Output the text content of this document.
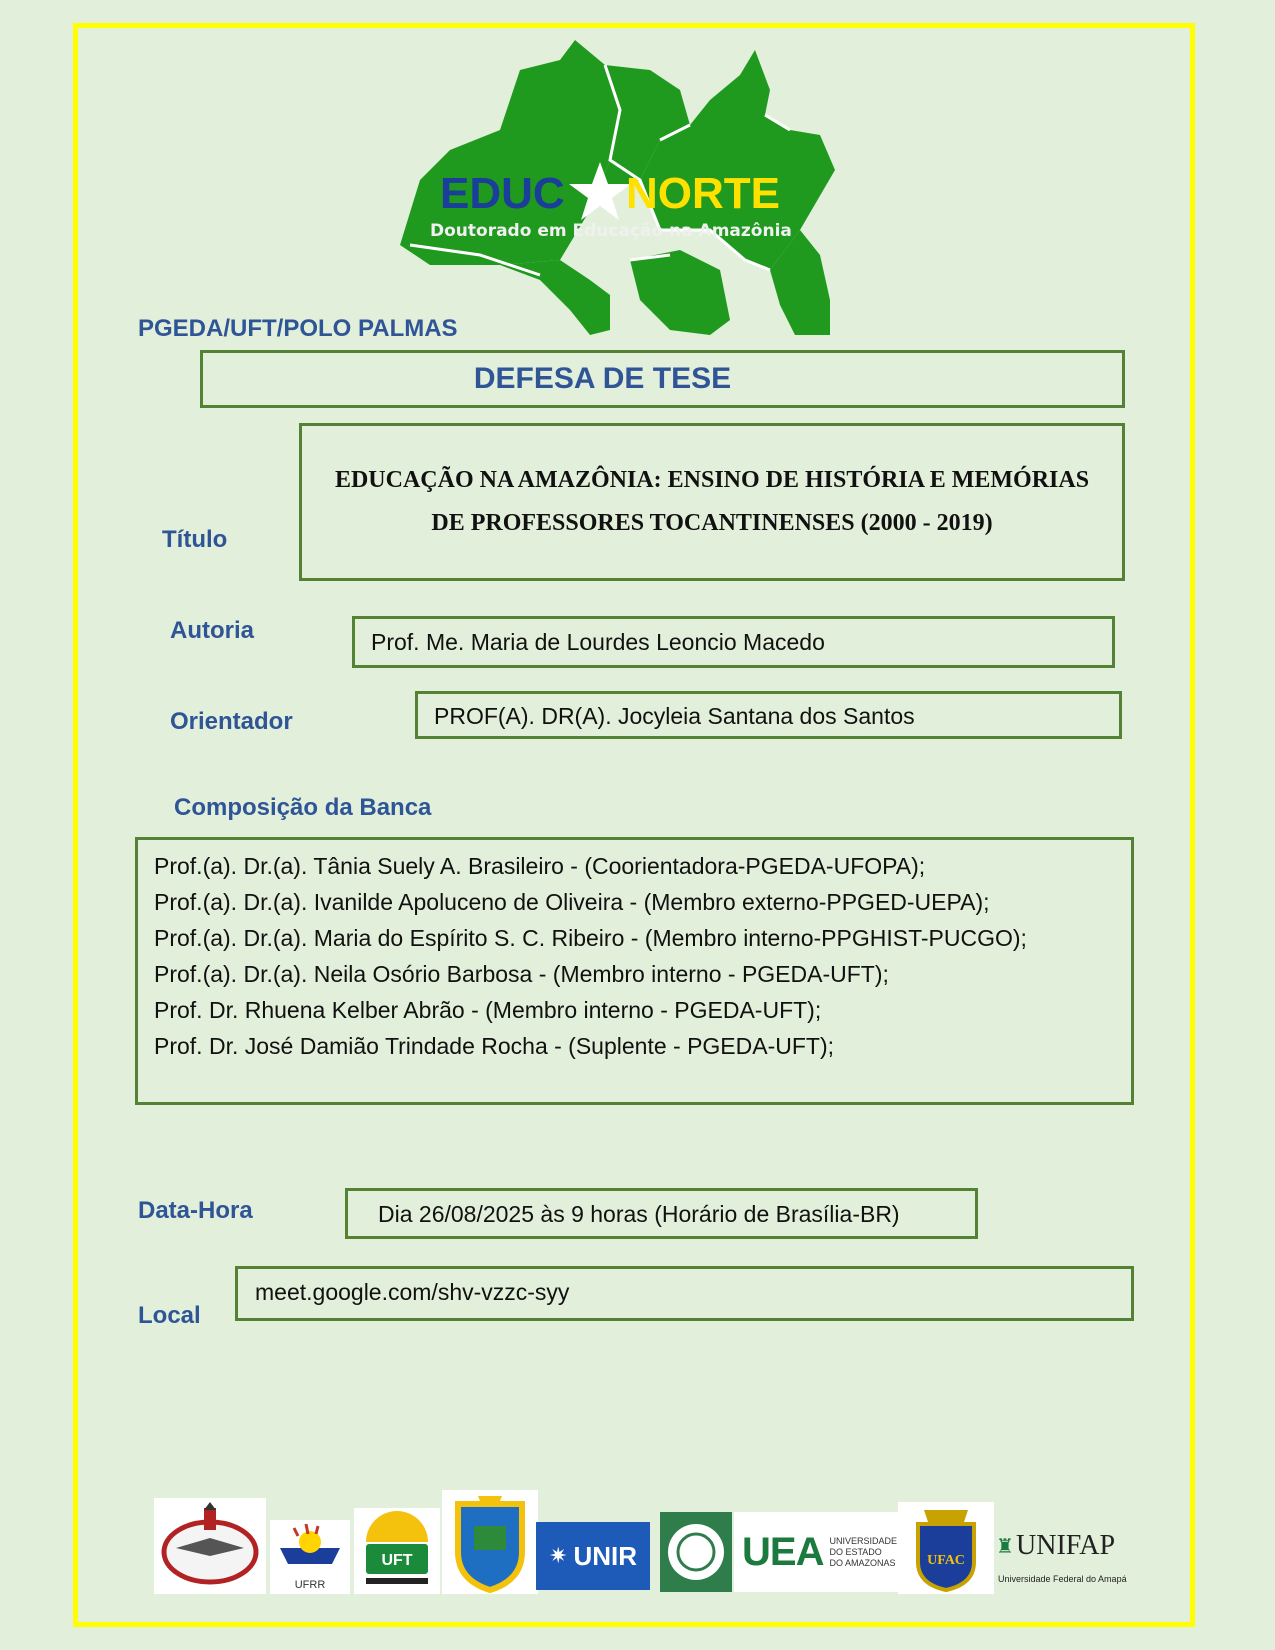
EDUC NORTE
Doutorado em Educação na Amazônia
PGEDA/UFT/POLO PALMAS
DEFESA DE TESE
Título
EDUCAÇÃO NA AMAZÔNIA: ENSINO DE HISTÓRIA E MEMÓRIAS
DE PROFESSORES TOCANTINENSES (2000 - 2019)
Autoria	Prof. Me. Maria de Lourdes Leoncio Macedo
Orientador	PROF(A). DR(A). Jocyleia Santana dos Santos
Composição da Banca
Prof.(a). Dr.(a). Tânia Suely A. Brasileiro - (Coorientadora-PGEDA-UFOPA);
Prof.(a). Dr.(a). Ivanilde Apoluceno de Oliveira - (Membro externo-PPGED-UEPA);
Prof.(a). Dr.(a). Maria do Espírito S. C. Ribeiro - (Membro interno-PPGHIST-PUCGO);
Prof.(a). Dr.(a). Neila Osório Barbosa - (Membro interno - PGEDA-UFT);
Prof. Dr. Rhuena Kelber Abrão - (Membro interno - PGEDA-UFT);
Prof. Dr. José Damião Trindade Rocha - (Suplente - PGEDA-UFT);
Data-Hora	Dia 26/08/2025 às 9 horas (Horário de Brasília-BR)
Local
meet.google.com/shv-vzzc-syy
UFRR
UFT	✷ UNIR	UEA UNIVERSIDADE DO ESTADO DO AMAZONAS UFAC
♜ UNIFAP
Universidade Federal do Amapá
